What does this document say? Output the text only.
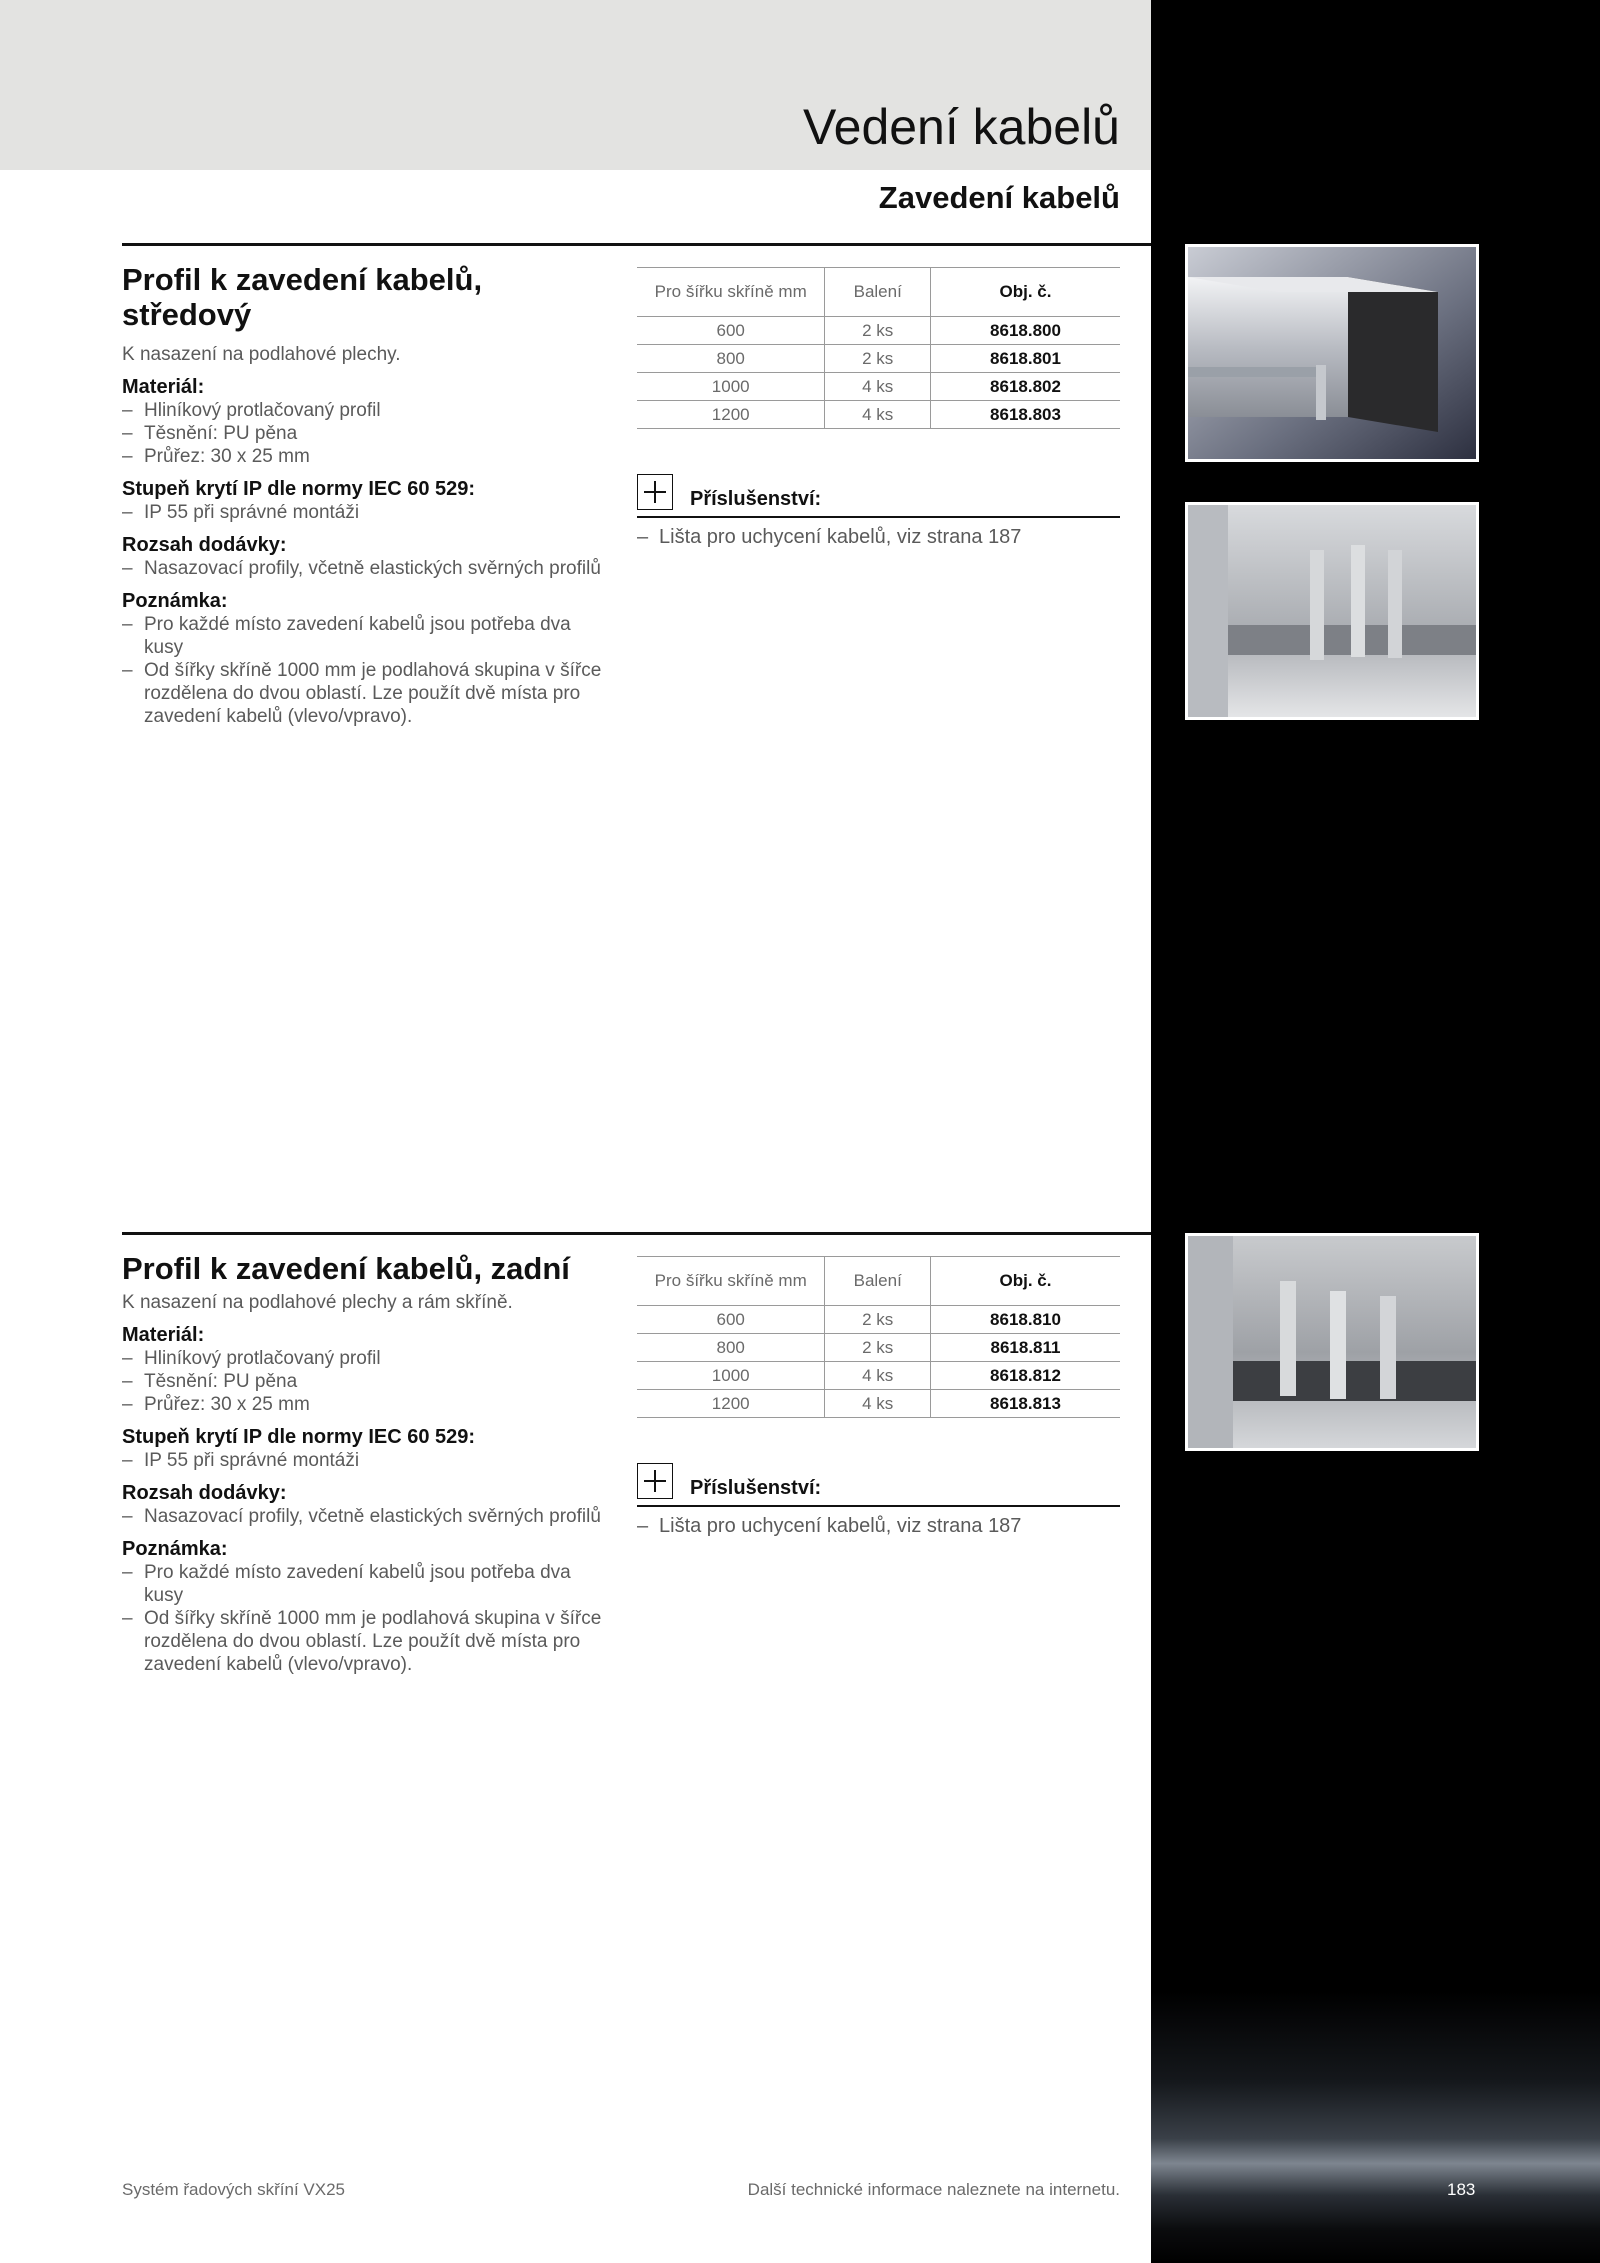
Vedení kabelů
Zavedení kabelů
Profil k zavedení kabelů, středový
K nasazení na podlahové plechy.
Materiál:
– Hliníkový protlačovaný profil
– Těsnění: PU pěna
– Průřez: 30 x 25 mm
Stupeň krytí IP dle normy IEC 60 529:
– IP 55 při správné montáži
Rozsah dodávky:
– Nasazovací profily, včetně elastických svěrných profilů
Poznámka:
– Pro každé místo zavedení kabelů jsou potřeba dva kusy
– Od šířky skříně 1000 mm je podlahová skupina v šířce rozdělena do dvou oblastí. Lze použít dvě místa pro zavedení kabelů (vlevo/vpravo).
Pro šířku skříně mm	Balení	Obj. č.
600	2 ks	8618.800
800	2 ks	8618.801
1000	4 ks	8618.802
1200	4 ks	8618.803
Příslušenství:
– Lišta pro uchycení kabelů, viz strana 187
Profil k zavedení kabelů, zadní
K nasazení na podlahové plechy a rám skříně.
Materiál:
– Hliníkový protlačovaný profil
– Těsnění: PU pěna
– Průřez: 30 x 25 mm
Stupeň krytí IP dle normy IEC 60 529:
– IP 55 při správné montáži
Rozsah dodávky:
– Nasazovací profily, včetně elastických svěrných profilů
Poznámka:
– Pro každé místo zavedení kabelů jsou potřeba dva kusy
– Od šířky skříně 1000 mm je podlahová skupina v šířce rozdělena do dvou oblastí. Lze použít dvě místa pro zavedení kabelů (vlevo/vpravo).
Pro šířku skříně mm	Balení	Obj. č.
600	2 ks	8618.810
800	2 ks	8618.811
1000	4 ks	8618.812
1200	4 ks	8618.813
Příslušenství:
– Lišta pro uchycení kabelů, viz strana 187
Systém řadových skříní VX25	Další technické informace naleznete na internetu.	183
